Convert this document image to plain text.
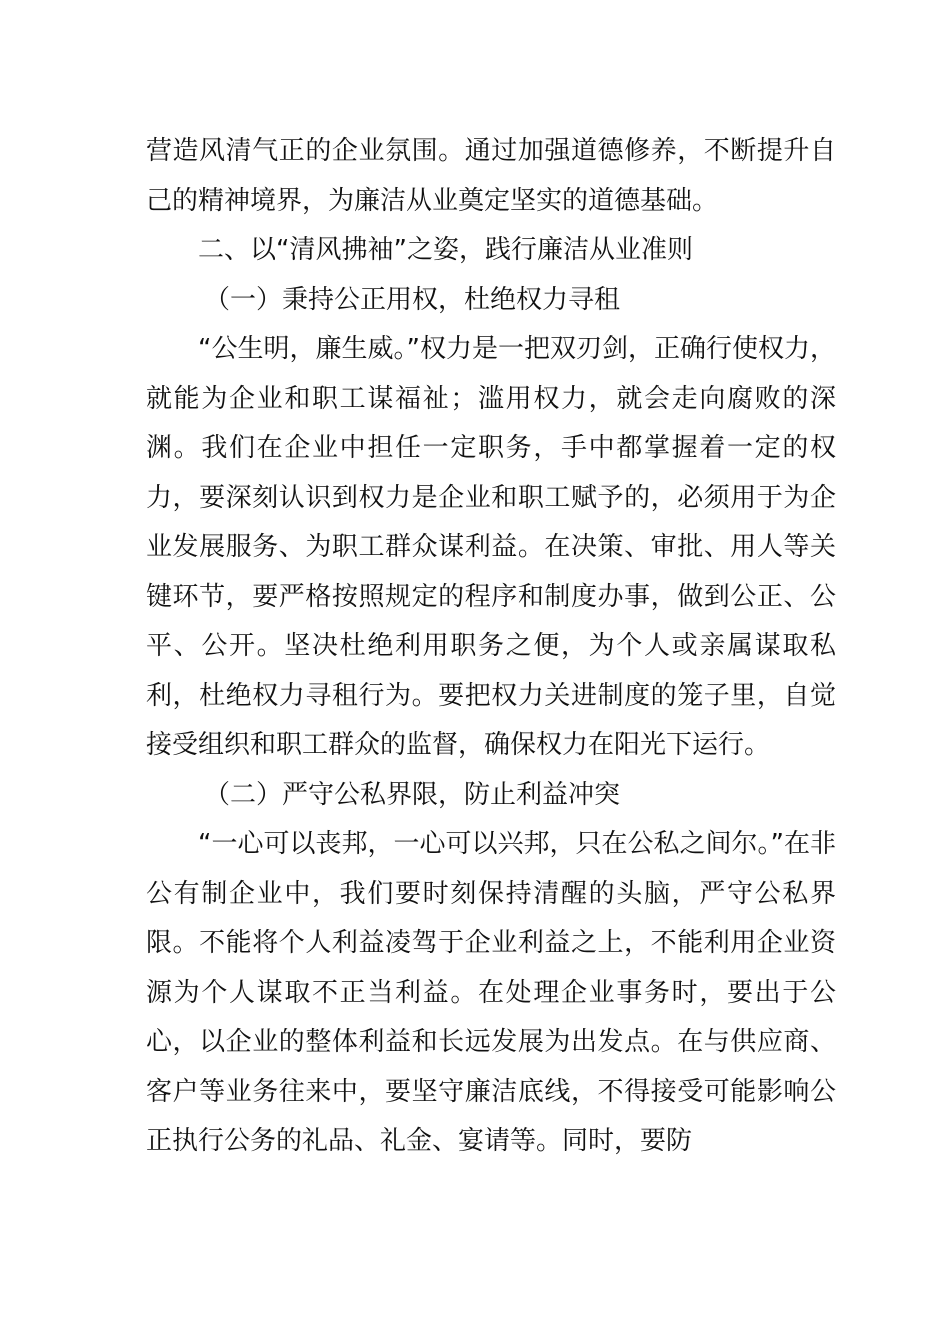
营造风清气正的企业氛围。通过加强道德修养，不断提升自己的精神境界，为廉洁从业奠定坚实的道德基础。

二、以“清风拂袖”之姿，践行廉洁从业准则

（一）秉持公正用权，杜绝权力寻租

“公生明，廉生威。”权力是一把双刃剑，正确行使权力，就能为企业和职工谋福祉；滥用权力，就会走向腐败的深渊。我们在企业中担任一定职务，手中都掌握着一定的权力，要深刻认识到权力是企业和职工赋予的，必须用于为企业发展服务、为职工群众谋利益。在决策、审批、用人等关键环节，要严格按照规定的程序和制度办事，做到公正、公平、公开。坚决杜绝利用职务之便，为个人或亲属谋取私利，杜绝权力寻租行为。要把权力关进制度的笼子里，自觉接受组织和职工群众的监督，确保权力在阳光下运行。

（二）严守公私界限，防止利益冲突

“一心可以丧邦，一心可以兴邦，只在公私之间尔。”在非公有制企业中，我们要时刻保持清醒的头脑，严守公私界限。不能将个人利益凌驾于企业利益之上，不能利用企业资源为个人谋取不正当利益。在处理企业事务时，要出于公心，以企业的整体利益和长远发展为出发点。在与供应商、客户等业务往来中，要坚守廉洁底线，不得接受可能影响公正执行公务的礼品、礼金、宴请等。同时，要防
